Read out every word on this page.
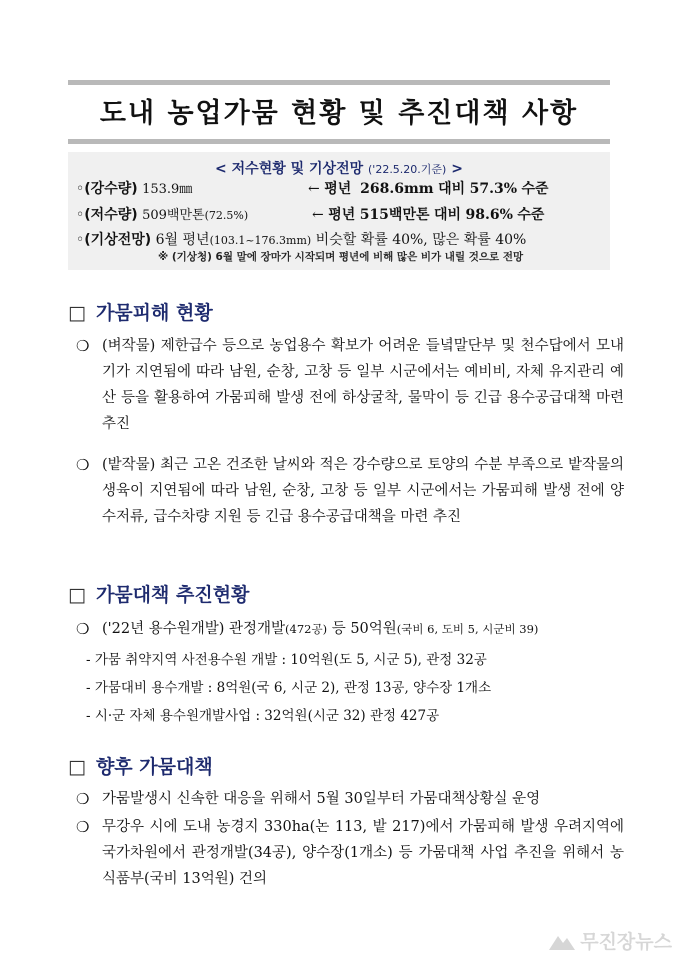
도내 농업가뭄 현황 및 추진대책 사항
< 저수현황 및 기상전망 ('22.5.20.기준) >
◦(강수량) 153.9㎜	← 평년 268.6mm 대비 57.3% 수준
◦(저수량) 509백만톤(72.5%)	← 평년 515백만톤 대비 98.6% 수준
◦(기상전망) 6월 평년(103.1~176.3mm) 비슷할 확률 40%, 많은 확률 40%
※ (기상청) 6월 말에 장마가 시작되며 평년에 비해 많은 비가 내릴 것으로 전망
□ 가뭄피해 현황
❍ (벼작물) 제한급수 등으로 농업용수 확보가 어려운 들녘말단부 및 천수답에서 모내기가 지연됨에 따라 남원, 순창, 고창 등 일부 시군에서는 예비비, 자체 유지관리 예산 등을 활용하여 가뭄피해 발생 전에 하상굴착, 물막이 등 긴급 용수공급대책 마련 추진
❍ (밭작물) 최근 고온 건조한 날씨와 적은 강수량으로 토양의 수분 부족으로 밭작물의 생육이 지연됨에 따라 남원, 순창, 고창 등 일부 시군에서는 가뭄피해 발생 전에 양수저류, 급수차량 지원 등 긴급 용수공급대책을 마련 추진
□ 가뭄대책 추진현황
❍ ('22년 용수원개발) 관정개발(472공) 등 50억원(국비 6, 도비 5, 시군비 39)
- 가뭄 취약지역 사전용수원 개발 : 10억원(도 5, 시군 5), 관정 32공
- 가뭄대비 용수개발 : 8억원(국 6, 시군 2), 관정 13공, 양수장 1개소
- 시·군 자체 용수원개발사업 : 32억원(시군 32) 관정 427공
□ 향후 가뭄대책
❍ 가뭄발생시 신속한 대응을 위해서 5월 30일부터 가뭄대책상황실 운영
❍ 무강우 시에 도내 농경지 330ha(논 113, 밭 217)에서 가뭄피해 발생 우려지역에 국가차원에서 관정개발(34공), 양수장(1개소) 등 가뭄대책 사업 추진을 위해서 농식품부(국비 13억원) 건의
무진장뉴스
